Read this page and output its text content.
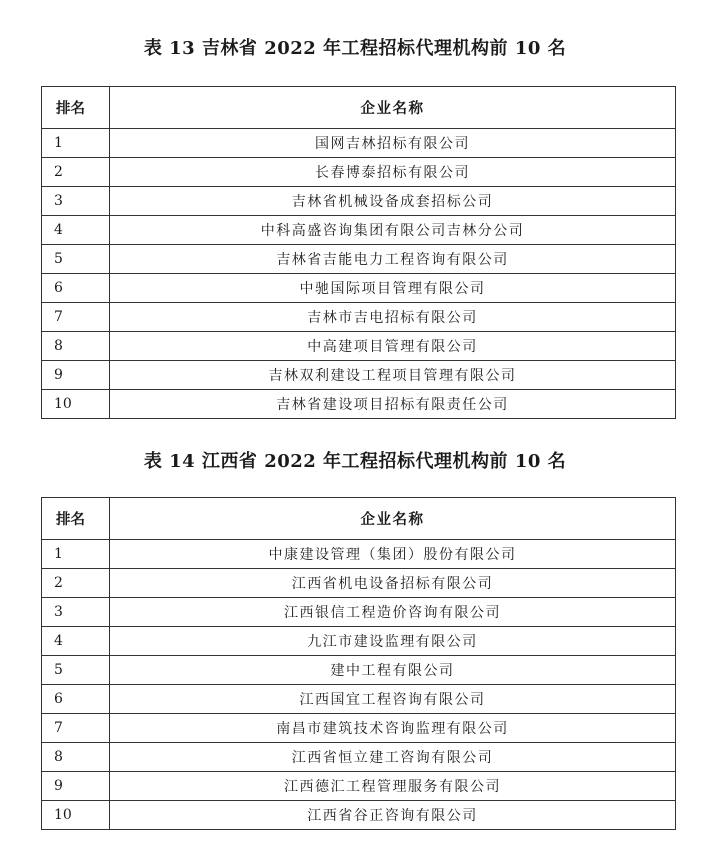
表 13 吉林省 2022 年工程招标代理机构前 10 名
排名	企业名称
1	国网吉林招标有限公司
2	长春博泰招标有限公司
3	吉林省机械设备成套招标公司
4	中科高盛咨询集团有限公司吉林分公司
5	吉林省吉能电力工程咨询有限公司
6	中驰国际项目管理有限公司
7	吉林市吉电招标有限公司
8	中高建项目管理有限公司
9	吉林双利建设工程项目管理有限公司
10	吉林省建设项目招标有限责任公司
表 14 江西省 2022 年工程招标代理机构前 10 名
排名	企业名称
1	中康建设管理（集团）股份有限公司
2	江西省机电设备招标有限公司
3	江西银信工程造价咨询有限公司
4	九江市建设监理有限公司
5	建中工程有限公司
6	江西国宜工程咨询有限公司
7	南昌市建筑技术咨询监理有限公司
8	江西省恒立建工咨询有限公司
9	江西德汇工程管理服务有限公司
10	江西省谷正咨询有限公司
